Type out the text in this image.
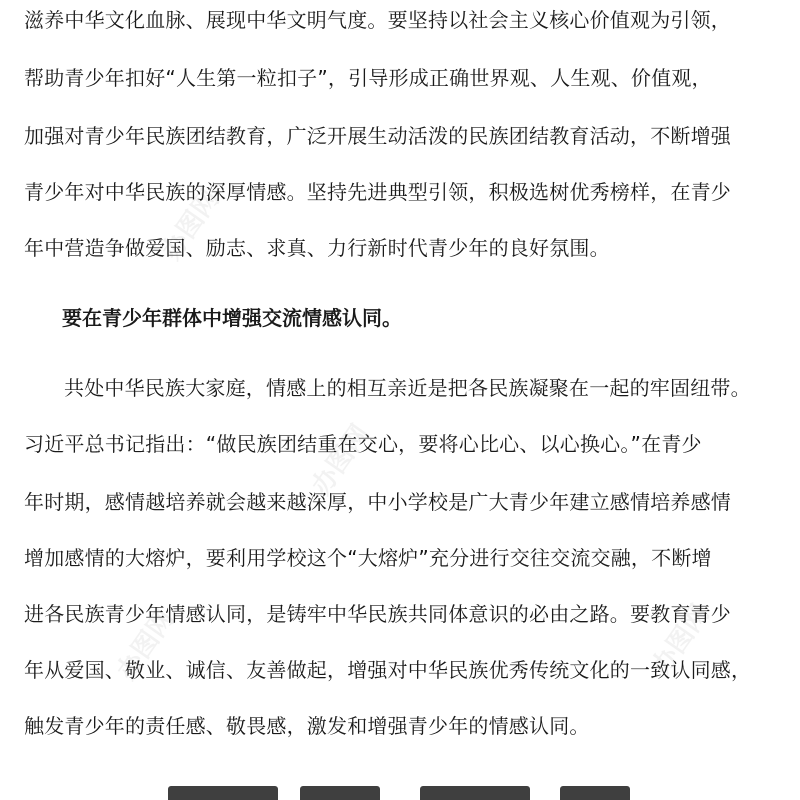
办图网
办图网
办图网	办图网
滋养中华文化血脉、展现中华文明气度。要坚持以社会主义核心价值观为引领，
帮助青少年扣好“人生第一粒扣子”，引导形成正确世界观、人生观、价值观，
加强对青少年民族团结教育，广泛开展生动活泼的民族团结教育活动，不断增强
青少年对中华民族的深厚情感。坚持先进典型引领，积极选树优秀榜样，在青少
年中营造争做爱国、励志、求真、力行新时代青少年的良好氛围。
要在青少年群体中增强交流情感认同。
共处中华民族大家庭，情感上的相互亲近是把各民族凝聚在一起的牢固纽带。
习近平总书记指出：“做民族团结重在交心，要将心比心、以心换心。”在青少
年时期，感情越培养就会越来越深厚，中小学校是广大青少年建立感情培养感情
增加感情的大熔炉，要利用学校这个“大熔炉”充分进行交往交流交融，不断增
进各民族青少年情感认同，是铸牢中华民族共同体意识的必由之路。要教育青少
年从爱国、敬业、诚信、友善做起，增强对中华民族优秀传统文化的一致认同感，
触发青少年的责任感、敬畏感，激发和增强青少年的情感认同。
